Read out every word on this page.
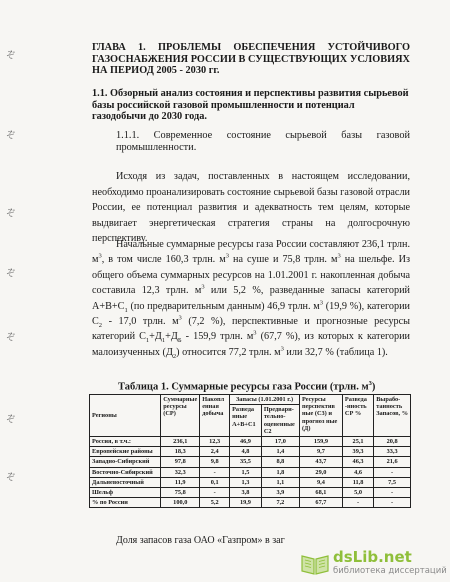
ぞ
ぞ
ぞ
ぞ
ぞ
ぞ
ぞ
ГЛАВА 1. ПРОБЛЕМЫ ОБЕСПЕЧЕНИЯ УСТОЙЧИВОГО ГАЗОСНАБЖЕНИЯ РОССИИ В СУЩЕСТВУЮЩИХ УСЛОВИЯХ НА ПЕРИОД 2005 - 2030 гг.
1.1. Обзорный анализ состояния и перспективы развития сырьевой базы российской газовой промышленности и потенциал газодобычи до 2030 года.
1.1.1. Современное состояние сырьевой базы газовой промышленности.
Исходя из задач, поставленных в настоящем исследовании, необходимо проанализировать состояние сырьевой базы газовой отрасли России, ее потенциал развития и адекватность тем целям, которые выдвигает энергетическая стратегия страны на долгосрочную перспективу.
Начальные суммарные ресурсы газа России составляют 236,1 трлн. $м^3$, в том числе 160,3 трлн. $м^3$ на суше и 75,8 трлн. $м^3$ на шельфе. Из общего объема суммарных ресурсов на 1.01.2001 г. накопленная добыча составила 12,3 трлн. $м^3$ или 5,2 %, разведанные запасы категорий $А+В+С_1$ (по предварительным данным) 46,9 трлн. $м^3$ (19,9 %), категории $С_2 - 17,0$ трлн. $м^3$ (7,2 %), перспективные и прогнозные ресурсы категорий $С_1+Д_1+Д_Б - 159,9$ трлн. $м^3$ (67,7 %), из которых к категории малоизученных $(Д_2)$ относится 77,2 трлн. $м^3$ или 32,7 % (таблица 1).
Таблица 1. Суммарные ресурсы газа России (трлн. $м^3$)
Регионы	Суммарные ресурсы (СР)	Накопл енная добыча	Запасы (1.01.2001 г.)		Ресурсы перспектив ные (С3) и прогноз ные (Д)	Разведа -нность СР %	Вырабо-танность Запасов, %
			Разведа нные А+В+С1	Предвари-тельно-оцененные С2			
Россия, в т.ч.:	236,1	12,3	46,9	17,0	159,9	25,1	20,8
Европейские районы	18,3	2,4	4,8	1,4	9,7	39,3	33,3
Западно-Сибирский	97,8	9,8	35,5	8,8	43,7	46,3	21,6
Восточно-Сибирский	32,3	-	1,5	1,8	29,0	4,6	-
Дальневосточный	11,9	0,1	1,3	1,1	9,4	11,8	7,5
Шельф	75,8	-	3,8	3,9	68,1	5,0	-
% по России	100,0	5,2	19,9	7,2	67,7	-	-
Доля запасов газа ОАО «Газпром» в заг
dsLib.net
библиотека диссертаций
